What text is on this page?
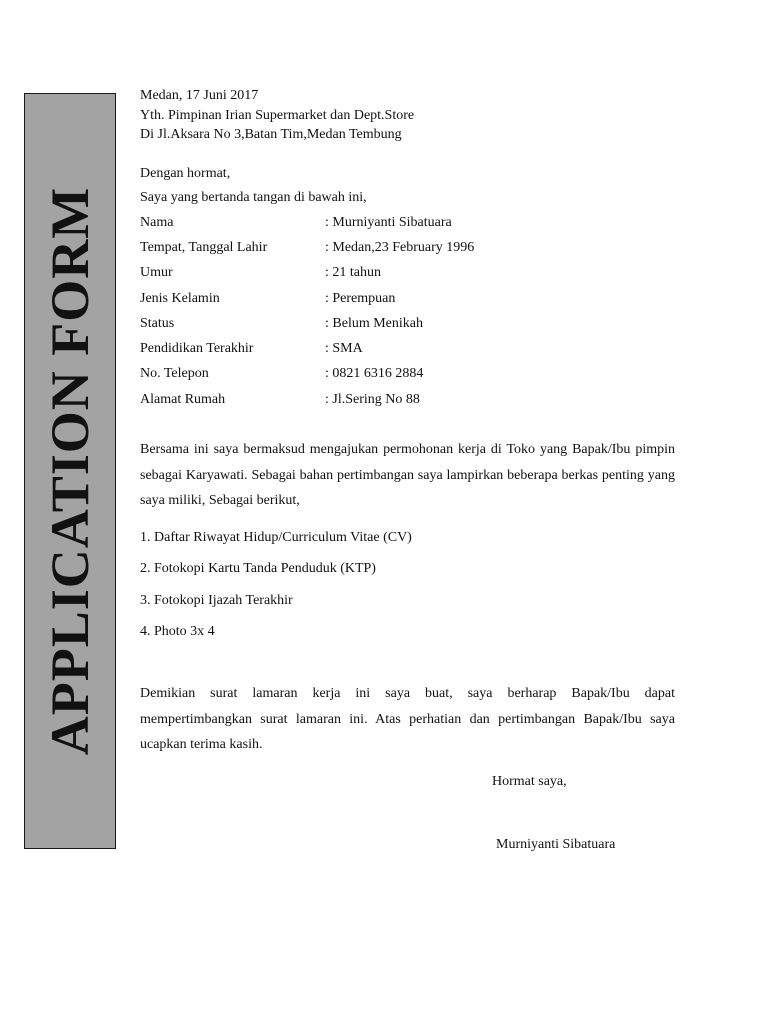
APPLICATION FORM
Medan, 17 Juni 2017
Yth. Pimpinan Irian Supermarket dan Dept.Store
Di Jl.Aksara No 3,Batan Tim,Medan Tembung
Dengan hormat,
Saya yang bertanda tangan di bawah ini,
Nama	: Murniyanti Sibatuara
Tempat, Tanggal Lahir	: Medan,23 February 1996
Umur	: 21 tahun
Jenis Kelamin	: Perempuan
Status	: Belum Menikah
Pendidikan Terakhir	: SMA
No. Telepon	: 0821 6316 2884
Alamat Rumah	: Jl.Sering No 88
Bersama ini saya bermaksud mengajukan permohonan kerja di Toko yang Bapak/Ibu pimpin sebagai Karyawati. Sebagai bahan pertimbangan saya lampirkan beberapa berkas penting yang saya miliki, Sebagai berikut,
1. Daftar Riwayat Hidup/Curriculum Vitae (CV)
2. Fotokopi Kartu Tanda Penduduk (KTP)
3. Fotokopi Ijazah Terakhir
4. Photo 3x 4
Demikian surat lamaran kerja ini saya buat, saya berharap Bapak/Ibu dapat mempertimbangkan surat lamaran ini. Atas perhatian dan pertimbangan Bapak/Ibu saya ucapkan terima kasih.
Hormat saya,
Murniyanti Sibatuara
